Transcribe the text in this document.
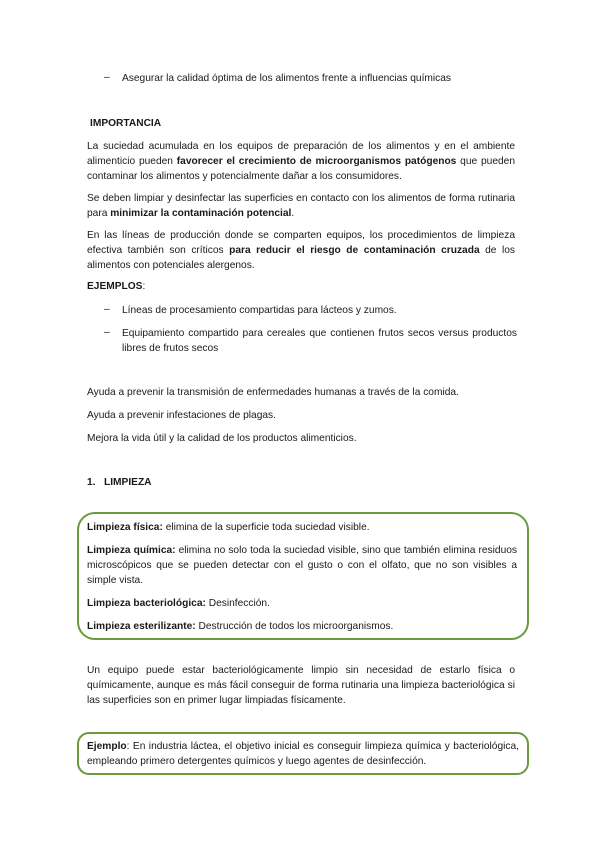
– Asegurar la calidad óptima de los alimentos frente a influencias químicas
IMPORTANCIA
La suciedad acumulada en los equipos de preparación de los alimentos y en el ambiente alimenticio pueden favorecer el crecimiento de microorganismos patógenos que pueden contaminar los alimentos y potencialmente dañar a los consumidores.
Se deben limpiar y desinfectar las superficies en contacto con los alimentos de forma rutinaria para minimizar la contaminación potencial.
En las líneas de producción donde se comparten equipos, los procedimientos de limpieza efectiva también son críticos para reducir el riesgo de contaminación cruzada de los alimentos con potenciales alergenos.
EJEMPLOS:
– Líneas de procesamiento compartidas para lácteos y zumos.
– Equipamiento compartido para cereales que contienen frutos secos versus productos libres de frutos secos
Ayuda a prevenir la transmisión de enfermedades humanas a través de la comida.
Ayuda a prevenir infestaciones de plagas.
Mejora la vida útil y la calidad de los productos alimenticios.
1. LIMPIEZA
Limpieza física: elimina de la superficie toda suciedad visible.
Limpieza química: elimina no solo toda la suciedad visible, sino que también elimina residuos microscópicos que se pueden detectar con el gusto o con el olfato, que no son visibles a simple vista.
Limpieza bacteriológica: Desinfección.
Limpieza esterilizante: Destrucción de todos los microorganismos.
Un equipo puede estar bacteriológicamente limpio sin necesidad de estarlo física o químicamente, aunque es más fácil conseguir de forma rutinaria una limpieza bacteriológica si las superficies son en primer lugar limpiadas físicamente.
Ejemplo: En industria láctea, el objetivo inicial es conseguir limpieza química y bacteriológica, empleando primero detergentes químicos y luego agentes de desinfección.
